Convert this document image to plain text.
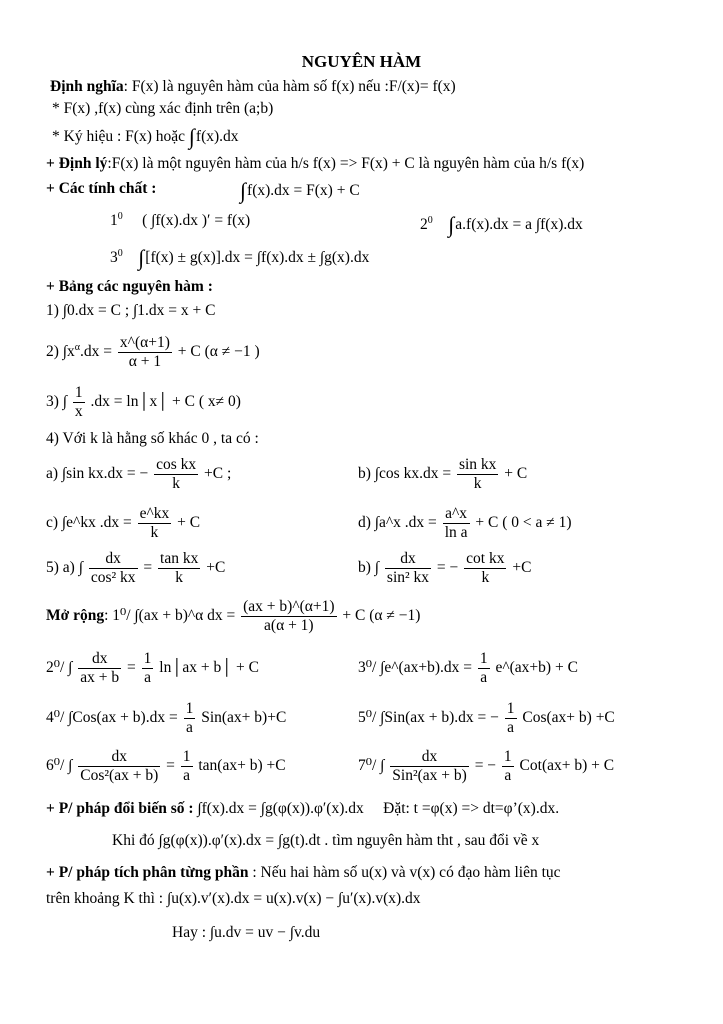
NGUYÊN HÀM
Định nghĩa: F(x) là nguyên hàm của hàm số f(x) nếu :F/(x)= f(x)
* F(x) ,f(x) cùng xác định trên (a;b)
* Ký hiệu : F(x) hoặc ∫f(x).dx
+ Định lý:F(x) là một nguyên hàm của h/s f(x) => F(x) + C là nguyên hàm của h/s f(x)
+ Các tính chất :	∫f(x).dx = F(x) + C
$1^0$ ( ∫f(x).dx )′ = f(x)	$2^0$ ∫a.f(x).dx = a ∫f(x).dx
$3^0$ ∫[f(x) ± g(x)].dx = ∫f(x).dx ± ∫g(x).dx
+ Bảng các nguyên hàm :
1) ∫0.dx = C ; ∫1.dx = x + C
2) $\int x^\alpha.dx = \frac{x\^{}(\alpha+1)}{\alpha + 1} + C$ (α ≠ −1 )
3) ∫ $\frac{1}{x} .dx$ = ln│x│ + C ( x≠ 0)
4) Với k là hằng số khác 0 , ta có :
a) ∫sin kx.dx = − $\frac{\text{cos kx}}{k} +C$ ;	b) ∫cos $kx.dx = \frac{\text{sin kx}}{k} + C$
c) ∫e^kx $.dx = \frac{e\^{}kx}{k} + C$	d) ∫a^x $.dx = \frac{a\^{}x}{\text{ln a}} + C$ ( 0 < a ≠ 1)
5) a) ∫ $\frac{dx}{\text{cos² kx}} = \frac{\text{tan kx}}{k} +C$	b) ∫ $\frac{dx}{\text{sin² kx}}$ = − $\frac{\text{cot kx}}{k} +C$
Mở rộng: 1⁰/ ∫(ax + b)^α dx = $\frac{(ax + b)\^{}(\alpha+1)}{a(\alpha + 1)} + C$ (α ≠ −1)
2⁰/ ∫ $\frac{dx}{ax + b} = \frac{1}{a}$ ln│ax + b│ + C	3⁰/ ∫e^(ax+b).dx = $\frac{1}{a}$ e^(ax+b) + C
4⁰/ $\int Cos(ax + b).dx = \frac{1}{a} Sin(ax+ b)+C$	5⁰/ ∫Sin(ax + b).dx = − $\frac{1}{a} Cos(ax+ b) +C$
6⁰/ ∫ $\frac{dx}{\text{Cos²(ax + b)}} = \frac{1}{a} \tan(ax+ b) +C$	7⁰/ ∫ $\frac{dx}{\text{Sin²(ax + b)}}$ = − $\frac{1}{a} Cot(ax+ b) + C$
+ P/ pháp đổi biến số : ∫f(x).dx = ∫g(φ(x)).φ′(x).dx Đặt: t =φ(x) => dt=φ’(x).dx.
Khi đó ∫g(φ(x)).φ′(x).dx = ∫g(t).dt . tìm nguyên hàm tht , sau đổi về x
+ P/ pháp tích phân từng phần : Nếu hai hàm số u(x) và v(x) có đạo hàm liên tục
trên khoảng K thì : ∫u(x).v′(x).dx = u(x).v(x) − ∫u′(x).v(x).dx
Hay : ∫u.dv = uv − ∫v.du
